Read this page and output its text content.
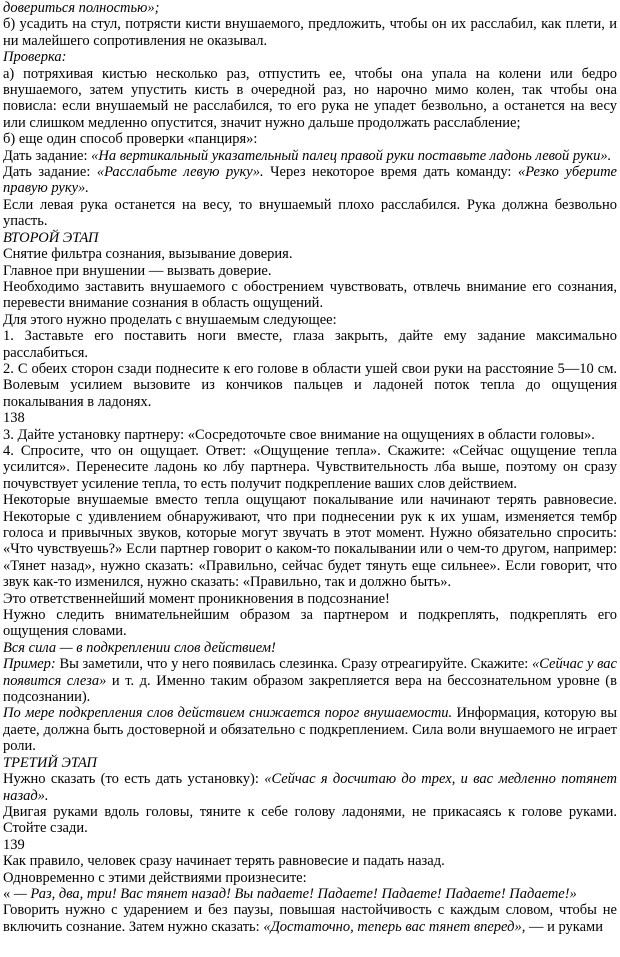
довериться полностью»;

б) усадить на стул, потрясти кисти внушаемого, предложить, чтобы он их расслабил, как плети, и ни малейшего сопротивления не оказывал.

Проверка:

а) потряхивая кистью несколько раз, отпустить ее, чтобы она упала на колени или бедро внушаемого, затем упустить кисть в очередной раз, но нарочно мимо колен, так чтобы она повисла: если внушаемый не расслабился, то его рука не упадет безвольно, а останется на весу или слишком медленно опустится, значит нужно дальше продолжать расслабление;

б) еще один способ проверки «панциря»:

Дать задание: «На вертикальный указательный палец правой руки поставьте ладонь левой руки».

Дать задание: «Расслабьте левую руку». Через некоторое время дать команду: «Резко уберите правую руку».

Если левая рука останется на весу, то внушаемый плохо расслабился. Рука должна безвольно упасть.

ВТОРОЙ ЭТАП

Снятие фильтра сознания, вызывание доверия.

Главное при внушении — вызвать доверие.

Необходимо заставить внушаемого с обострением чувствовать, отвлечь внимание его сознания, перевести внимание сознания в область ощущений.

Для этого нужно проделать с внушаемым следующее:

1. Заставьте его поставить ноги вместе, глаза закрыть, дайте ему задание максимально расслабиться.

2. С обеих сторон сзади поднесите к его голове в области ушей свои руки на расстояние 5—10 см. Волевым усилием вызовите из кончиков пальцев и ладоней поток тепла до ощущения покалывания в ладонях.

138

3. Дайте установку партнеру: «Сосредоточьте свое внимание на ощущениях в области головы».

4. Спросите, что он ощущает. Ответ: «Ощущение тепла». Скажите: «Сейчас ощущение тепла усилится». Перенесите ладонь ко лбу партнера. Чувствительность лба выше, поэтому он сразу почувствует усиление тепла, то есть получит подкрепление ваших слов действием.

Некоторые внушаемые вместо тепла ощущают покалывание или начинают терять равновесие. Некоторые с удивлением обнаруживают, что при поднесении рук к их ушам, изменяется тембр голоса и привычных звуков, которые могут звучать в этот момент. Нужно обязательно спросить: «Что чувствуешь?» Если партнер говорит о каком-то покалывании или о чем-то другом, например: «Тянет назад», нужно сказать: «Правильно, сейчас будет тянуть еще сильнее». Если говорит, что звук как-то изменился, нужно сказать: «Правильно, так и должно быть».

Это ответственнейший момент проникновения в подсознание!

Нужно следить внимательнейшим образом за партнером и подкреплять, подкреплять его ощущения словами.

Вся сила — в подкреплении слов действием!

Пример: Вы заметили, что у него появилась слезинка. Сразу отреагируйте. Скажите: «Сейчас у вас появится слеза» и т. д. Именно таким образом закрепляется вера на бессознательном уровне (в подсознании).

По мере подкрепления слов действием снижается порог внушаемости. Информация, которую вы даете, должна быть достоверной и обязательно с подкреплением. Сила воли внушаемого не играет роли.

ТРЕТИЙ ЭТАП

Нужно сказать (то есть дать установку): «Сейчас я досчитаю до трех, и вас медленно потянет назад».

Двигая руками вдоль головы, тяните к себе голову ладонями, не прикасаясь к голове руками. Стойте сзади.

139

Как правило, человек сразу начинает терять равновесие и падать назад.

Одновременно с этими действиями произнесите:

« — Раз, два, три! Вас тянет назад! Вы падаете! Падаете! Падаете! Падаете! Падаете!»

Говорить нужно с ударением и без паузы, повышая настойчивость с каждым словом, чтобы не включить сознание. Затем нужно сказать: «Достаточно, теперь вас тянет вперед», — и руками
